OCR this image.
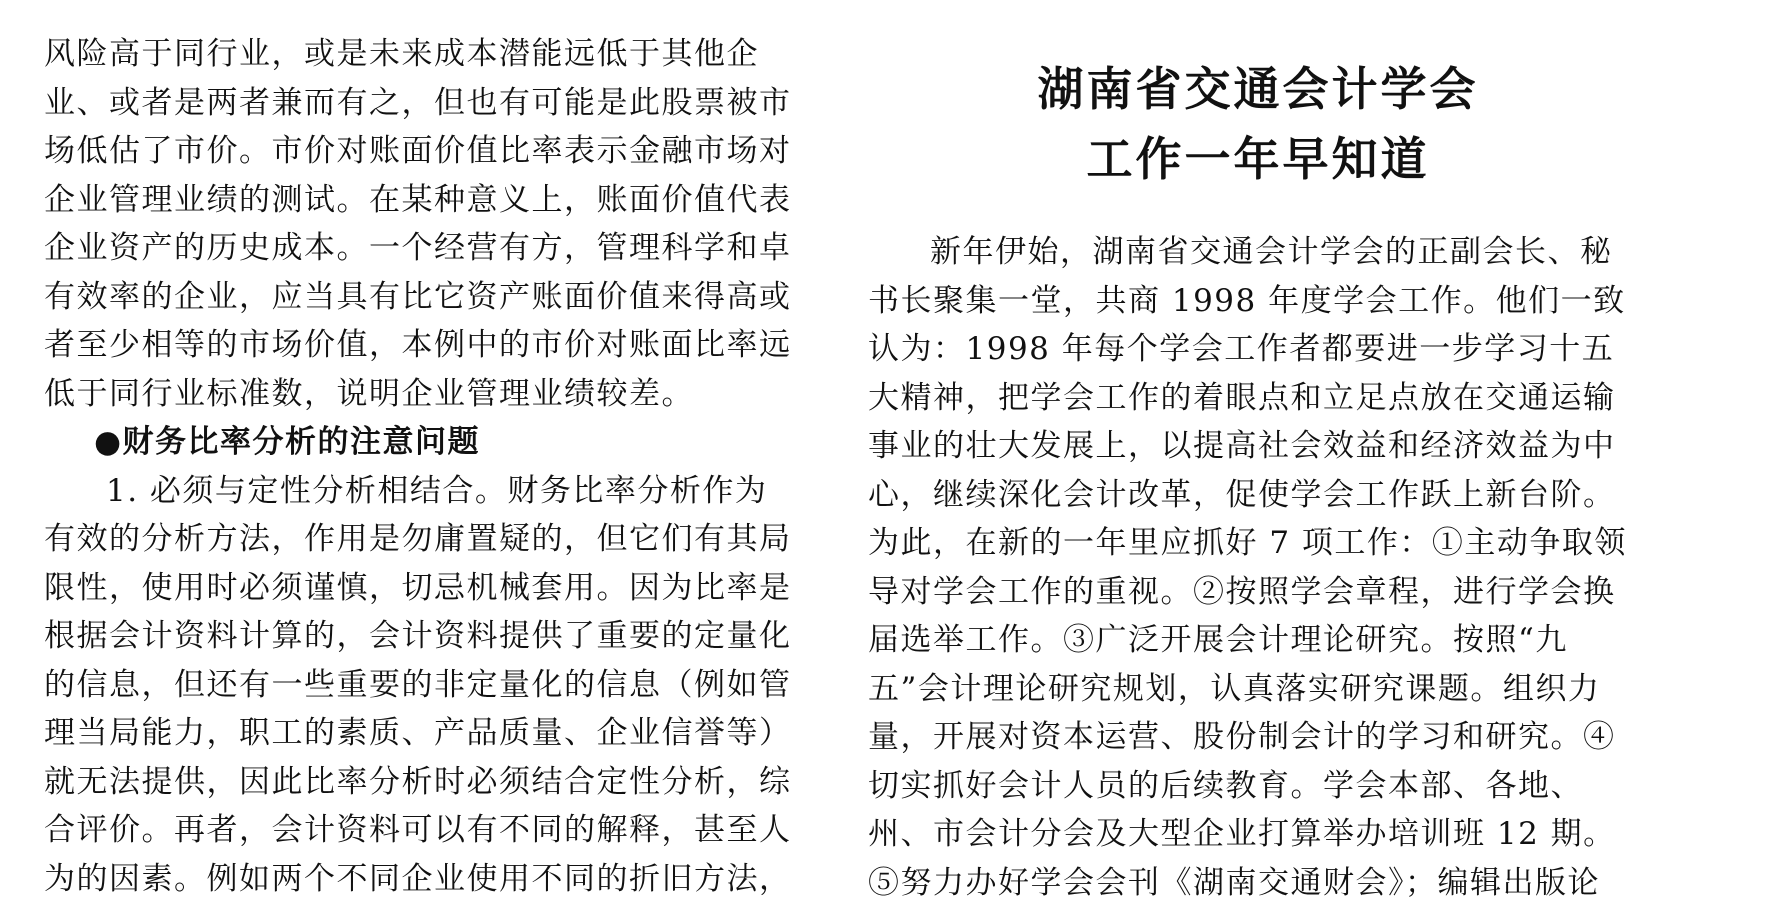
风险高于同行业，或是未来成本潜能远低于其他企
业、或者是两者兼而有之，但也有可能是此股票被市
场低估了市价。市价对账面价值比率表示金融市场对
企业管理业绩的测试。在某种意义上，账面价值代表
企业资产的历史成本。一个经营有方，管理科学和卓
有效率的企业，应当具有比它资产账面价值来得高或
者至少相等的市场价值，本例中的市价对账面比率远
低于同行业标准数，说明企业管理业绩较差。
●财务比率分析的注意问题
1. 必须与定性分析相结合。财务比率分析作为
有效的分析方法，作用是勿庸置疑的，但它们有其局
限性，使用时必须谨慎，切忌机械套用。因为比率是
根据会计资料计算的，会计资料提供了重要的定量化
的信息，但还有一些重要的非定量化的信息（例如管
理当局能力，职工的素质、产品质量、企业信誉等）
就无法提供，因此比率分析时必须结合定性分析，综
合评价。再者，会计资料可以有不同的解释，甚至人
为的因素。例如两个不同企业使用不同的折旧方法，
湖南省交通会计学会
工作一年早知道
新年伊始，湖南省交通会计学会的正副会长、秘
书长聚集一堂，共商 1998 年度学会工作。他们一致
认为：1998 年每个学会工作者都要进一步学习十五
大精神，把学会工作的着眼点和立足点放在交通运输
事业的壮大发展上，以提高社会效益和经济效益为中
心，继续深化会计改革，促使学会工作跃上新台阶。
为此，在新的一年里应抓好 7 项工作：①主动争取领
导对学会工作的重视。②按照学会章程，进行学会换
届选举工作。③广泛开展会计理论研究。按照“九
五”会计理论研究规划，认真落实研究课题。组织力
量，开展对资本运营、股份制会计的学习和研究。④
切实抓好会计人员的后续教育。学会本部、各地、
州、市会计分会及大型企业打算举办培训班 12 期。
⑤努力办好学会会刊《湖南交通财会》；编辑出版论
